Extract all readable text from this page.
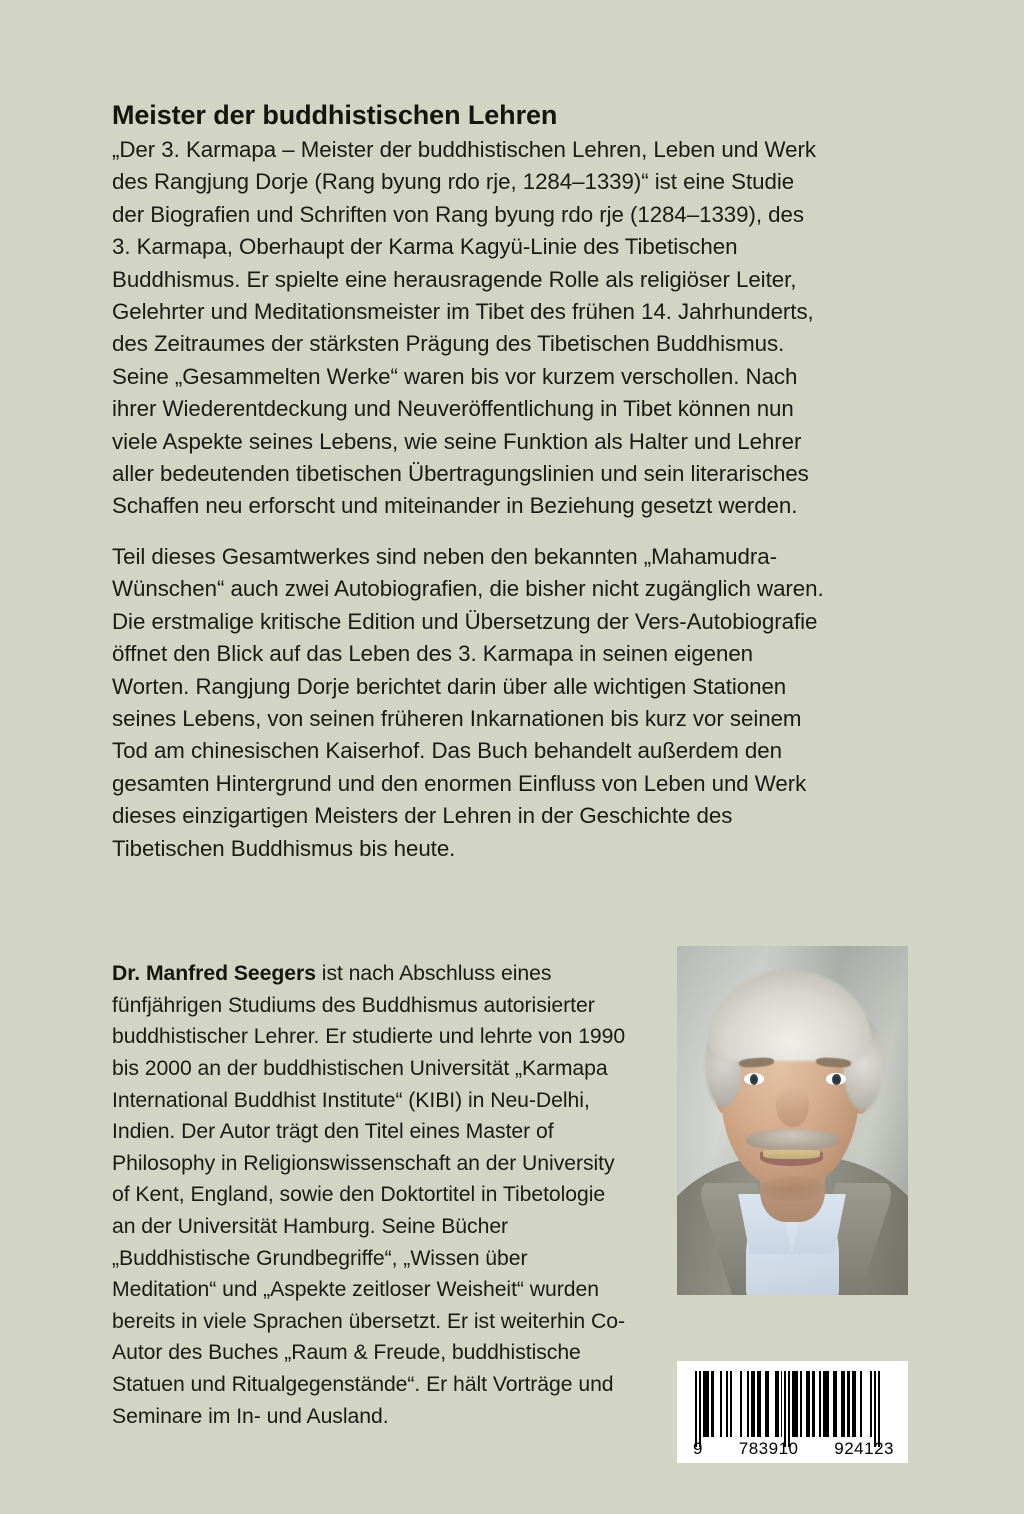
Meister der buddhistischen Lehren

„Der 3. Karmapa – Meister der buddhistischen Lehren, Leben und Werk des Rangjung Dorje (Rang byung rdo rje, 1284–1339)“ ist eine Studie der Biografien und Schriften von Rang byung rdo rje (1284–1339), des 3. Karmapa, Oberhaupt der Karma Kagyü-Linie des Tibetischen Buddhismus. Er spielte eine herausragende Rolle als religiöser Leiter, Gelehrter und Meditationsmeister im Tibet des frühen 14. Jahrhunderts, des Zeitraumes der stärksten Prägung des Tibetischen Buddhismus. Seine „Gesammelten Werke“ waren bis vor kurzem verschollen. Nach ihrer Wiederentdeckung und Neuveröffentlichung in Tibet können nun viele Aspekte seines Lebens, wie seine Funktion als Halter und Lehrer aller bedeutenden tibetischen Übertragungslinien und sein literarisches Schaffen neu erforscht und miteinander in Beziehung gesetzt werden.

Teil dieses Gesamtwerkes sind neben den bekannten „Mahamudra-Wünschen“ auch zwei Autobiografien, die bisher nicht zugänglich waren. Die erstmalige kritische Edition und Übersetzung der Vers-Autobiografie öffnet den Blick auf das Leben des 3. Karmapa in seinen eigenen Worten. Rangjung Dorje berichtet darin über alle wichtigen Stationen seines Lebens, von seinen früheren Inkarnationen bis kurz vor seinem Tod am chinesischen Kaiserhof. Das Buch behandelt außerdem den gesamten Hintergrund und den enormen Einfluss von Leben und Werk dieses einzigartigen Meisters der Lehren in der Geschichte des Tibetischen Buddhismus bis heute.

Dr. Manfred Seegers ist nach Abschluss eines fünfjährigen Studiums des Buddhismus autorisierter buddhistischer Lehrer. Er studierte und lehrte von 1990 bis 2000 an der buddhistischen Universität „Karmapa International Buddhist Institute“ (KIBI) in Neu-Delhi, Indien. Der Autor trägt den Titel eines Master of Philosophy in Religionswissenschaft an der University of Kent, England, sowie den Doktortitel in Tibetologie an der Universität Hamburg. Seine Bücher „Buddhistische Grundbegriffe“, „Wissen über Meditation“ und „Aspekte zeitloser Weisheit“ wurden bereits in viele Sprachen übersetzt. Er ist weiterhin Co-Autor des Buches „Raum & Freude, buddhistische Statuen und Ritualgegenstände“. Er hält Vorträge und Seminare im In- und Ausland.

9 783910 924123
